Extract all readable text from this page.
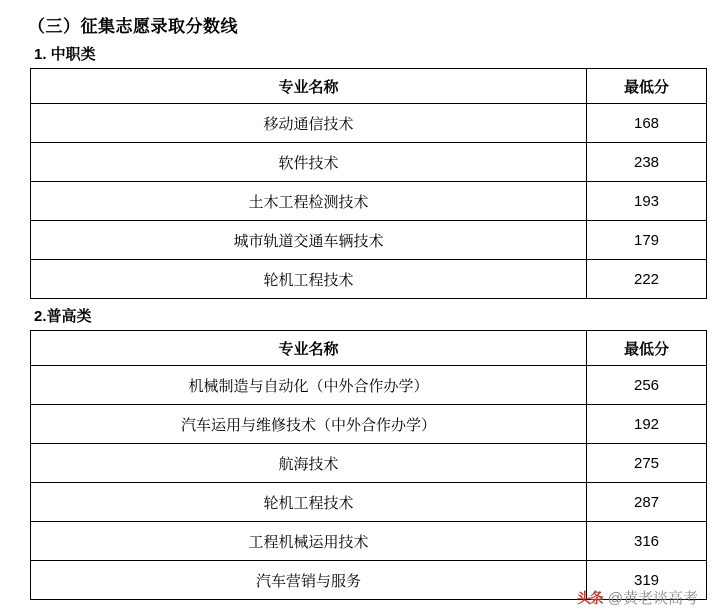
（三）征集志愿录取分数线
1. 中职类
专业名称	最低分
移动通信技术	168
软件技术	238
土木工程检测技术	193
城市轨道交通车辆技术	179
轮机工程技术	222
2.普高类
专业名称	最低分
机械制造与自动化（中外合作办学）	256
汽车运用与维修技术（中外合作办学）	192
航海技术	275
轮机工程技术	287
工程机械运用技术	316
汽车营销与服务	319
头条 @黄老谈高考
